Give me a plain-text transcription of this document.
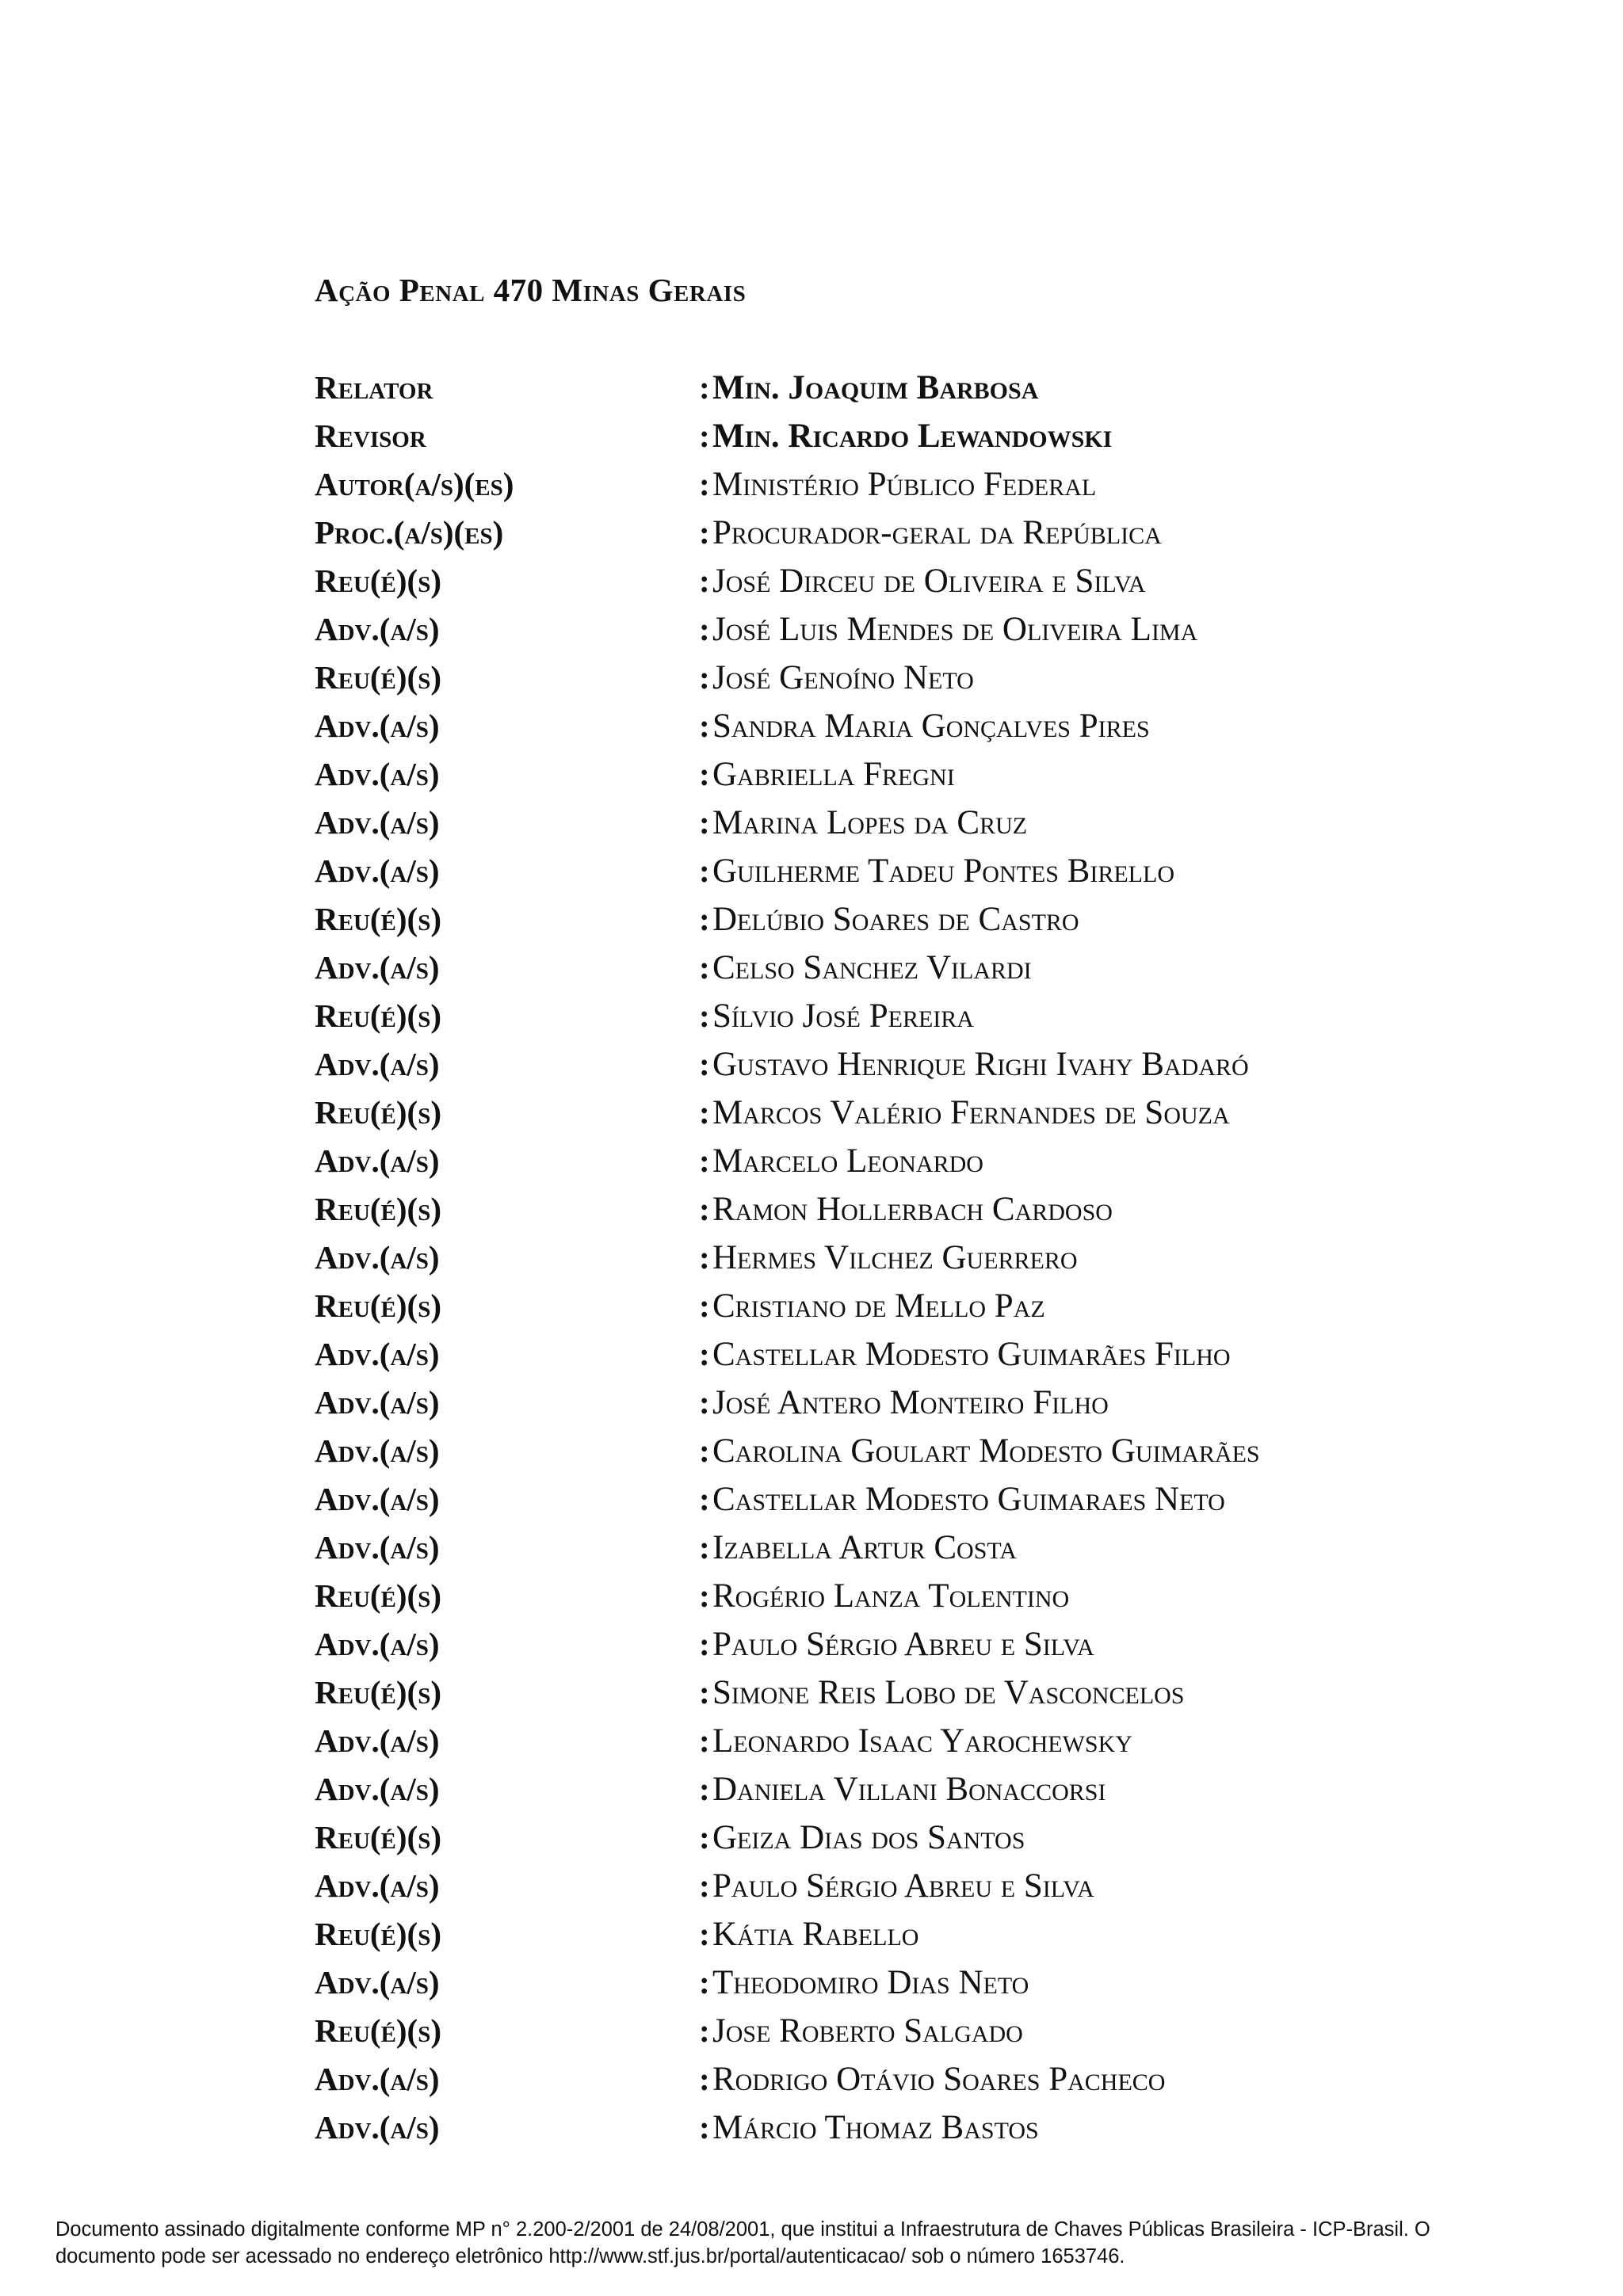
Ação Penal 470 Minas Gerais
Relator	: Min. Joaquim Barbosa
Revisor	: Min. Ricardo Lewandowski
Autor(a/s)(es)	: Ministério Público Federal
Proc.(a/s)(es)	: Procurador-geral da República
Reu(é)(s)	: José Dirceu de Oliveira e Silva
Adv.(a/s)	: José Luis Mendes de Oliveira Lima
Reu(é)(s)	: José Genoíno Neto
Adv.(a/s)	: Sandra Maria Gonçalves Pires
Adv.(a/s)	: Gabriella Fregni
Adv.(a/s)	: Marina Lopes da Cruz
Adv.(a/s)	: Guilherme Tadeu Pontes Birello
Reu(é)(s)	: Delúbio Soares de Castro
Adv.(a/s)	: Celso Sanchez Vilardi
Reu(é)(s)	: Sílvio José Pereira
Adv.(a/s)	: Gustavo Henrique Righi Ivahy Badaró
Reu(é)(s)	: Marcos Valério Fernandes de Souza
Adv.(a/s)	: Marcelo Leonardo
Reu(é)(s)	: Ramon Hollerbach Cardoso
Adv.(a/s)	: Hermes Vilchez Guerrero
Reu(é)(s)	: Cristiano de Mello Paz
Adv.(a/s)	: Castellar Modesto Guimarães Filho
Adv.(a/s)	: José Antero Monteiro Filho
Adv.(a/s)	: Carolina Goulart Modesto Guimarães
Adv.(a/s)	: Castellar Modesto Guimaraes Neto
Adv.(a/s)	: Izabella Artur Costa
Reu(é)(s)	: Rogério Lanza Tolentino
Adv.(a/s)	: Paulo Sérgio Abreu e Silva
Reu(é)(s)	: Simone Reis Lobo de Vasconcelos
Adv.(a/s)	: Leonardo Isaac Yarochewsky
Adv.(a/s)	: Daniela Villani Bonaccorsi
Reu(é)(s)	: Geiza Dias dos Santos
Adv.(a/s)	: Paulo Sérgio Abreu e Silva
Reu(é)(s)	: Kátia Rabello
Adv.(a/s)	: Theodomiro Dias Neto
Reu(é)(s)	: Jose Roberto Salgado
Adv.(a/s)	: Rodrigo Otávio Soares Pacheco
Adv.(a/s)	: Márcio Thomaz Bastos
Documento assinado digitalmente conforme MP n° 2.200-2/2001 de 24/08/2001, que institui a Infraestrutura de Chaves Públicas Brasileira - ICP-Brasil. O
documento pode ser acessado no endereço eletrônico http://www.stf.jus.br/portal/autenticacao/ sob o número 1653746.
